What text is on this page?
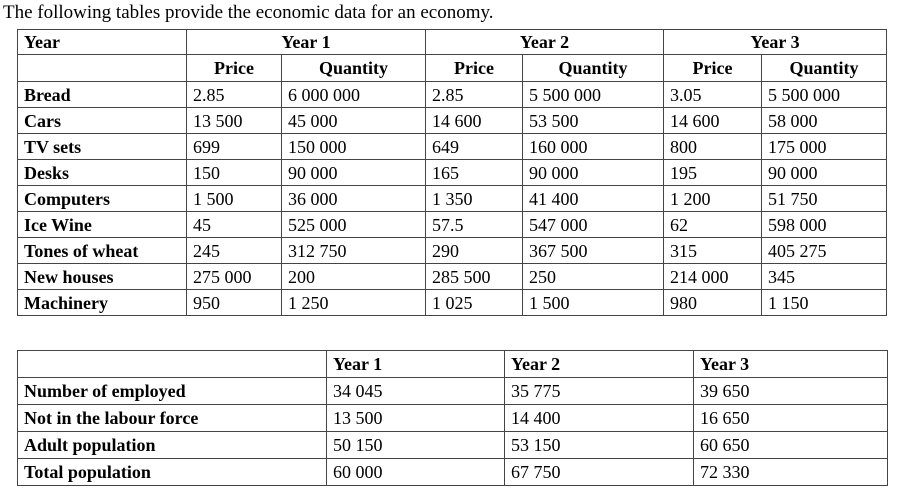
The following tables provide the economic data for an economy.
Year	Year 1		Year 2		Year 3	
	Price	Quantity	Price	Quantity	Price	Quantity
Bread	2.85	6 000 000	2.85	5 500 000	3.05	5 500 000
Cars	13 500	45 000	14 600	53 500	14 600	58 000
TV sets	699	150 000	649	160 000	800	175 000
Desks	150	90 000	165	90 000	195	90 000
Computers	1 500	36 000	1 350	41 400	1 200	51 750
Ice Wine	45	525 000	57.5	547 000	62	598 000
Tones of wheat	245	312 750	290	367 500	315	405 275
New houses	275 000	200	285 500	250	214 000	345
Machinery	950	1 250	1 025	1 500	980	1 150
	Year 1	Year 2	Year 3
Number of employed	34 045	35 775	39 650
Not in the labour force	13 500	14 400	16 650
Adult population	50 150	53 150	60 650
Total population	60 000	67 750	72 330
